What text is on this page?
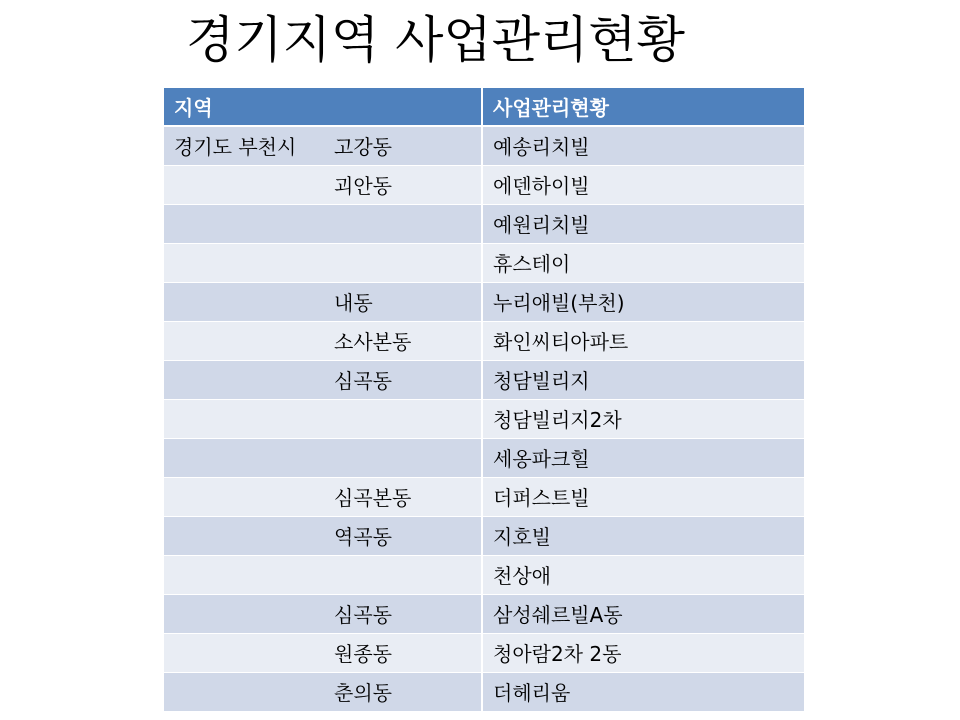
경기지역 사업관리현황
지역	사업관리현황
경기도 부천시 고강동	예송리치빌
괴안동	에덴하이빌
	예원리치빌
	휴스테이
내동	누리애빌(부천)
소사본동	화인씨티아파트
심곡동	청담빌리지
	청담빌리지2차
	세옹파크힐
심곡본동	더퍼스트빌
역곡동	지호빌
	천상애
심곡동	삼성쉐르빌A동
원종동	청아람2차 2동
춘의동	더헤리움
